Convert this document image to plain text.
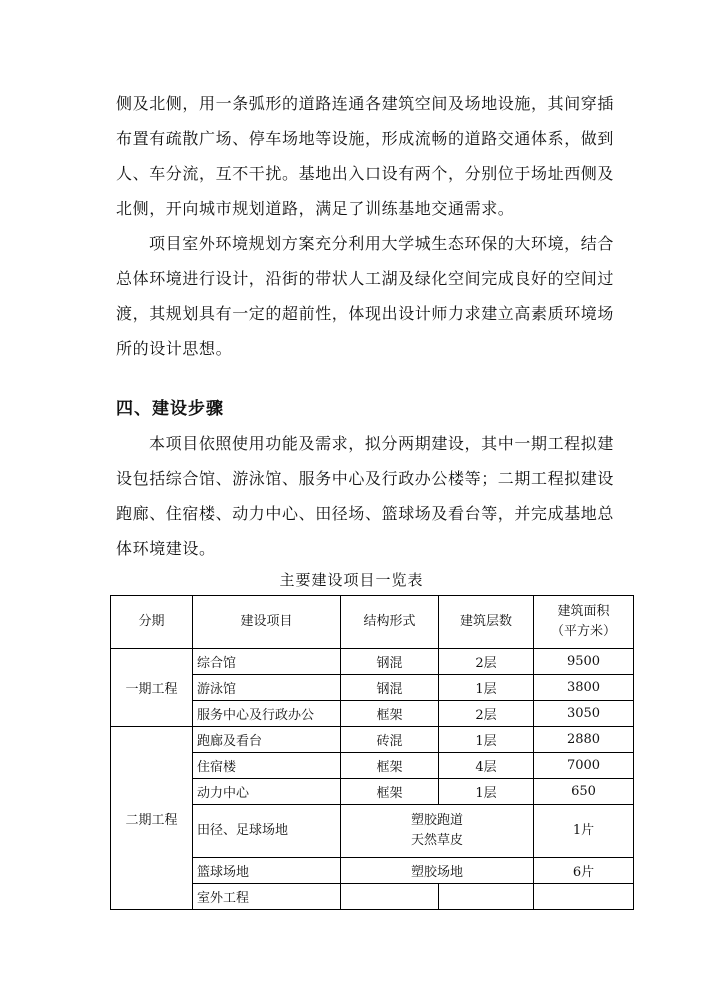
侧及北侧，用一条弧形的道路连通各建筑空间及场地设施，其间穿插布置有疏散广场、停车场地等设施，形成流畅的道路交通体系，做到人、车分流，互不干扰。基地出入口设有两个，分别位于场址西侧及北侧，开向城市规划道路，满足了训练基地交通需求。

项目室外环境规划方案充分利用大学城生态环保的大环境，结合总体环境进行设计，沿街的带状人工湖及绿化空间完成良好的空间过渡，其规划具有一定的超前性，体现出设计师力求建立高素质环境场所的设计思想。

四、建设步骤

本项目依照使用功能及需求，拟分两期建设，其中一期工程拟建设包括综合馆、游泳馆、服务中心及行政办公楼等；二期工程拟建设跑廊、住宿楼、动力中心、田径场、篮球场及看台等，并完成基地总体环境建设。

主要建设项目一览表

分期	建设项目	结构形式	建筑层数	建筑面积
（平方米）
一期工程	综合馆	钢混	2层	9500
	游泳馆	钢混	1层	3800
	服务中心及行政办公	框架	2层	3050
二期工程	跑廊及看台	砖混	1层	2880
	住宿楼	框架	4层	7000
	动力中心	框架	1层	650
	田径、足球场地	塑胶跑道
天然草皮		1片
	篮球场地	塑胶场地		6片
	室外工程			
